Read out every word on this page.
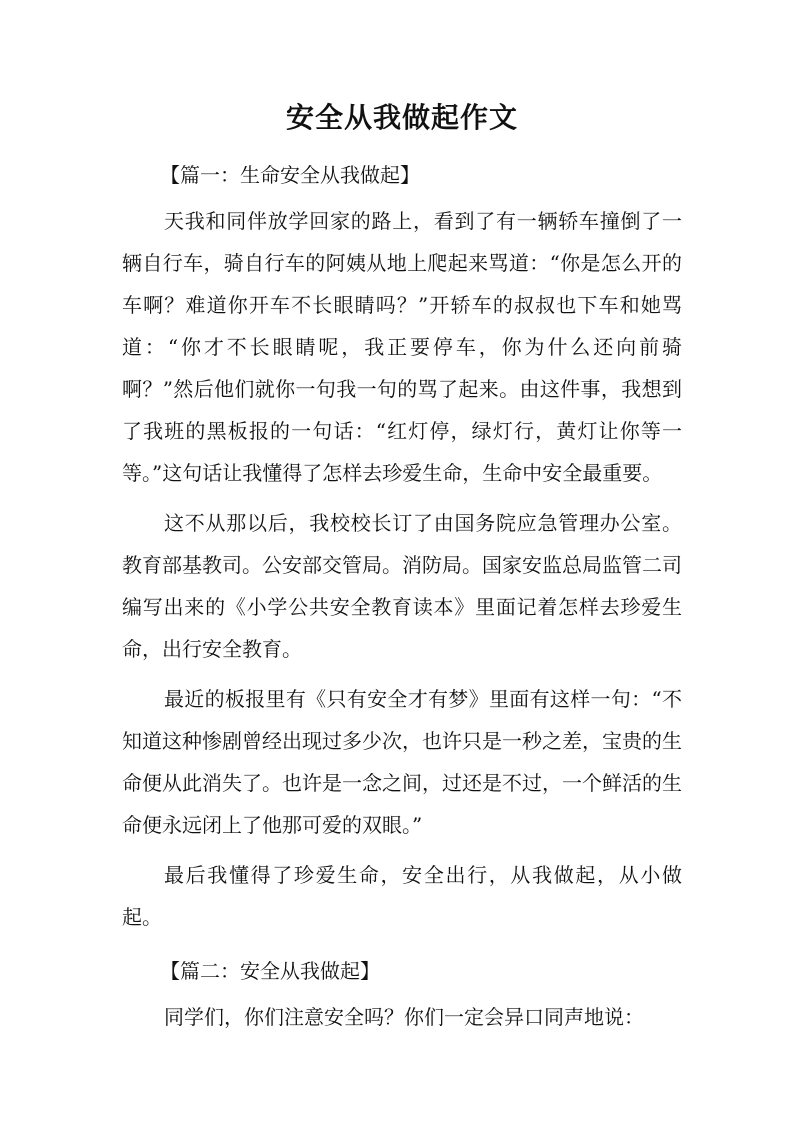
安全从我做起作文
【篇一：生命安全从我做起】

天我和同伴放学回家的路上，看到了有一辆轿车撞倒了一辆自行车，骑自行车的阿姨从地上爬起来骂道：“你是怎么开的车啊？难道你开车不长眼睛吗？”开轿车的叔叔也下车和她骂道：“你才不长眼睛呢，我正要停车，你为什么还向前骑啊？”然后他们就你一句我一句的骂了起来。由这件事，我想到了我班的黑板报的一句话：“红灯停，绿灯行，黄灯让你等一等。”这句话让我懂得了怎样去珍爱生命，生命中安全最重要。

这不从那以后，我校校长订了由国务院应急管理办公室。教育部基教司。公安部交管局。消防局。国家安监总局监管二司编写出来的《小学公共安全教育读本》里面记着怎样去珍爱生命，出行安全教育。

最近的板报里有《只有安全才有梦》里面有这样一句：“不知道这种惨剧曾经出现过多少次，也许只是一秒之差，宝贵的生命便从此消失了。也许是一念之间，过还是不过，一个鲜活的生命便永远闭上了他那可爱的双眼。”

最后我懂得了珍爱生命，安全出行，从我做起，从小做起。

【篇二：安全从我做起】

同学们，你们注意安全吗？你们一定会异口同声地说：
